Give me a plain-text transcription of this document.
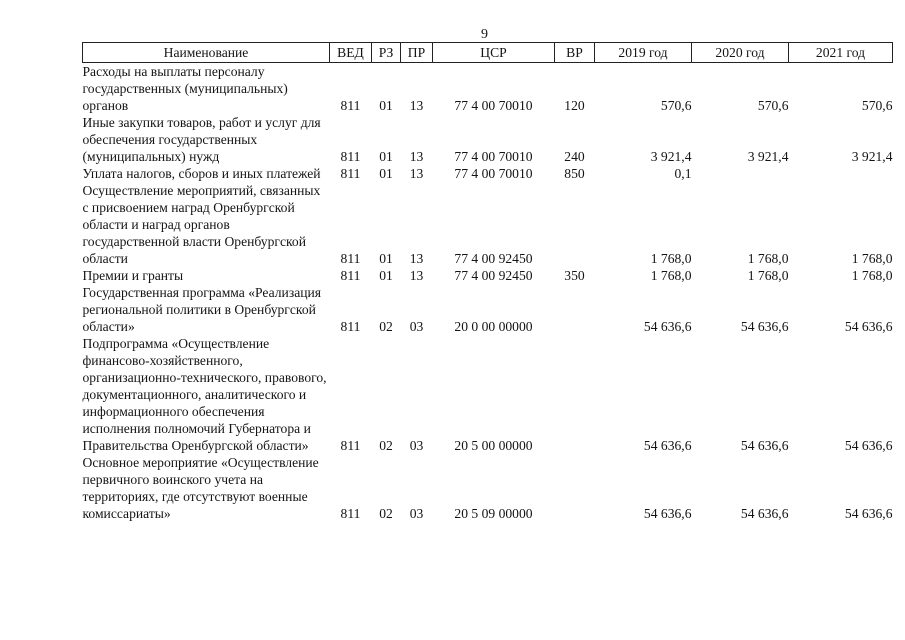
9
Наименование	ВЕД	РЗ	ПР	ЦСР	ВР	2019 год	2020 год	2021 год
Расходы на выплаты персоналу государственных (муниципальных) органов	811	01	13	77 4 00 70010	120	570,6	570,6	570,6
Иные закупки товаров, работ и услуг для обеспечения государственных (муниципальных) нужд	811	01	13	77 4 00 70010	240	3 921,4	3 921,4	3 921,4
Уплата налогов, сборов и иных платежей	811	01	13	77 4 00 70010	850	0,1		
Осуществление мероприятий, связанных с присвоением наград Оренбургской области и наград органов государственной власти Оренбургской области	811	01	13	77 4 00 92450		1 768,0	1 768,0	1 768,0
Премии и гранты	811	01	13	77 4 00 92450	350	1 768,0	1 768,0	1 768,0
Государственная программа «Реализация региональной политики в Оренбургской области»	811	02	03	20 0 00 00000		54 636,6	54 636,6	54 636,6
Подпрограмма «Осуществление финансово-хозяйственного, организационно-технического, правового, документационного, аналитического и информационного обеспечения исполнения полномочий Губернатора и Правительства Оренбургской области»	811	02	03	20 5 00 00000		54 636,6	54 636,6	54 636,6
Основное мероприятие «Осуществление первичного воинского учета на территориях, где отсутствуют военные комиссариаты»	811	02	03	20 5 09 00000		54 636,6	54 636,6	54 636,6
